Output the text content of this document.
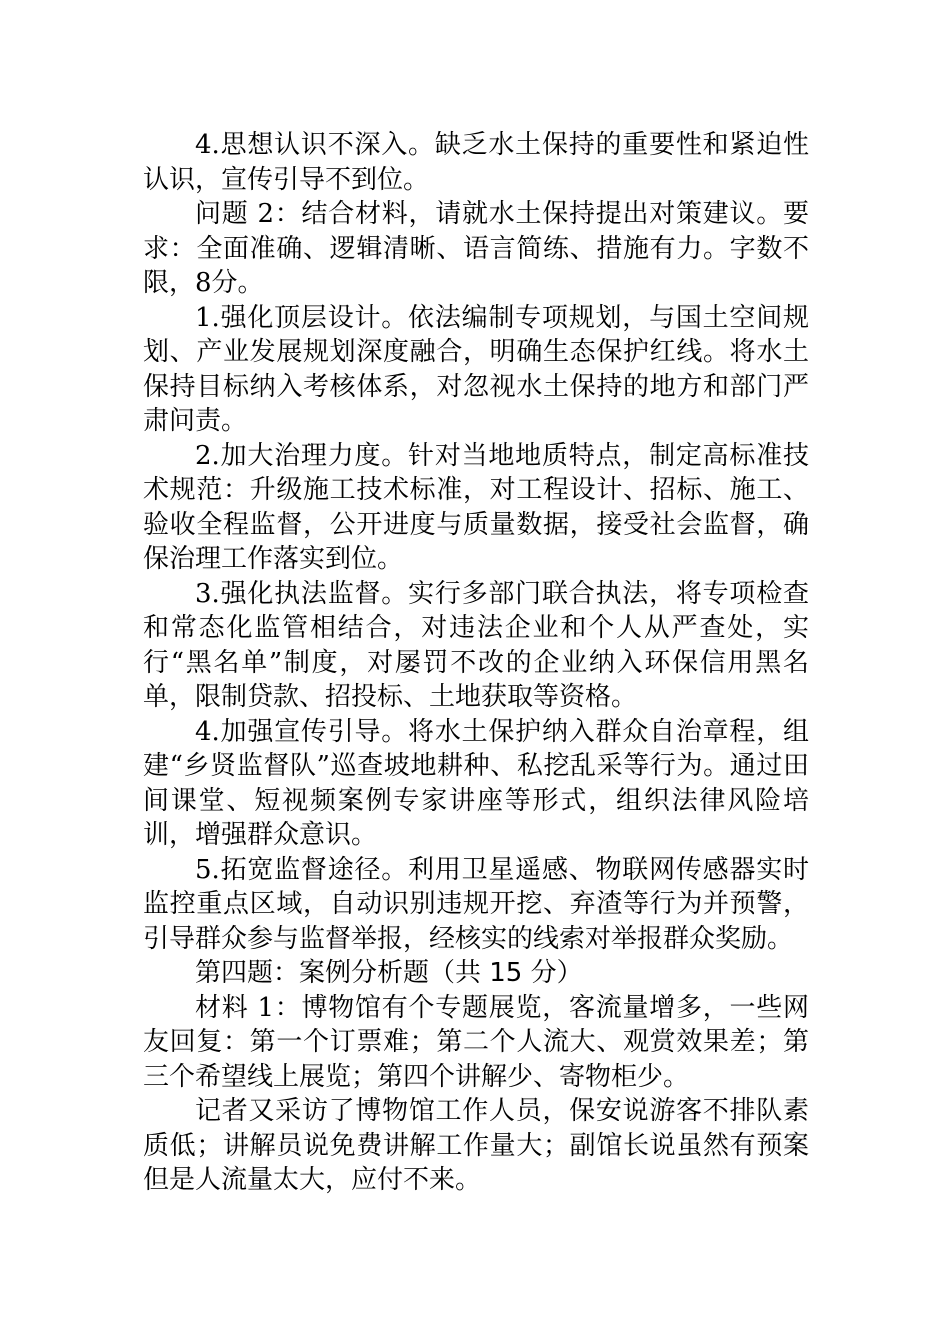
4.思想认识不深入。缺乏水土保持的重要性和紧迫性认识，宣传引导不到位。

问题 2：结合材料，请就水土保持提出对策建议。要求：全面准确、逻辑清晰、语言简练、措施有力。字数不限，8分。

1.强化顶层设计。依法编制专项规划，与国土空间规划、产业发展规划深度融合，明确生态保护红线。将水土保持目标纳入考核体系，对忽视水土保持的地方和部门严肃问责。

2.加大治理力度。针对当地地质特点，制定高标准技术规范：升级施工技术标准，对工程设计、招标、施工、验收全程监督，公开进度与质量数据，接受社会监督，确保治理工作落实到位。

3.强化执法监督。实行多部门联合执法，将专项检查和常态化监管相结合，对违法企业和个人从严查处，实行“黑名单”制度，对屡罚不改的企业纳入环保信用黑名单，限制贷款、招投标、土地获取等资格。

4.加强宣传引导。将水土保护纳入群众自治章程，组建“乡贤监督队”巡查坡地耕种、私挖乱采等行为。通过田间课堂、短视频案例专家讲座等形式，组织法律风险培训，增强群众意识。

5.拓宽监督途径。利用卫星遥感、物联网传感器实时监控重点区域，自动识别违规开挖、弃渣等行为并预警，引导群众参与监督举报，经核实的线索对举报群众奖励。

第四题：案例分析题（共 15 分）

材料 1：博物馆有个专题展览，客流量增多，一些网友回复：第一个订票难；第二个人流大、观赏效果差；第三个希望线上展览；第四个讲解少、寄物柜少。

记者又采访了博物馆工作人员，保安说游客不排队素质低；讲解员说免费讲解工作量大；副馆长说虽然有预案但是人流量太大，应付不来。
